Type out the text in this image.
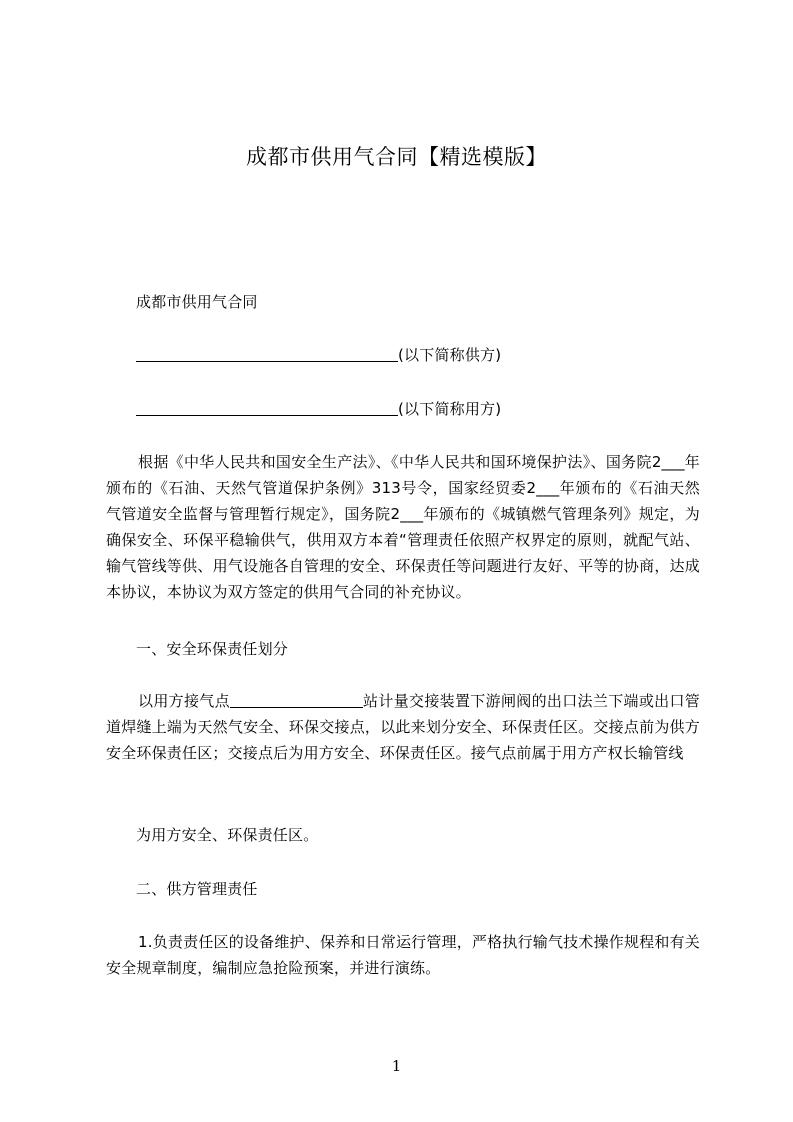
成都市供用气合同【精选模版】

成都市供用气合同

(以下简称供方)

(以下简称用方)

根据《中华人民共和国安全生产法》、《中华人民共和国环境保护法》、国务院2___年颁布的《石油、天然气管道保护条例》313号令，国家经贸委2___年颁布的《石油天然气管道安全监督与管理暂行规定》，国务院2___年颁布的《城镇燃气管理条列》规定，为确保安全、环保平稳输供气，供用双方本着“管理责任依照产权界定的原则，就配气站、输气管线等供、用气设施各自管理的安全、环保责任等问题进行友好、平等的协商，达成本协议，本协议为双方签定的供用气合同的补充协议。

一、安全环保责任划分

以用方接气点	站计量交接装置下游闸阀的出口法兰下端或出口管道焊缝上端为天然气安全、环保交接点，以此来划分安全、环保责任区。交接点前为供方安全环保责任区；交接点后为用方安全、环保责任区。接气点前属于用方产权长输管线

为用方安全、环保责任区。

二、供方管理责任

1.负责责任区的设备维护、保养和日常运行管理，严格执行输气技术操作规程和有关安全规章制度，编制应急抢险预案，并进行演练。

1
